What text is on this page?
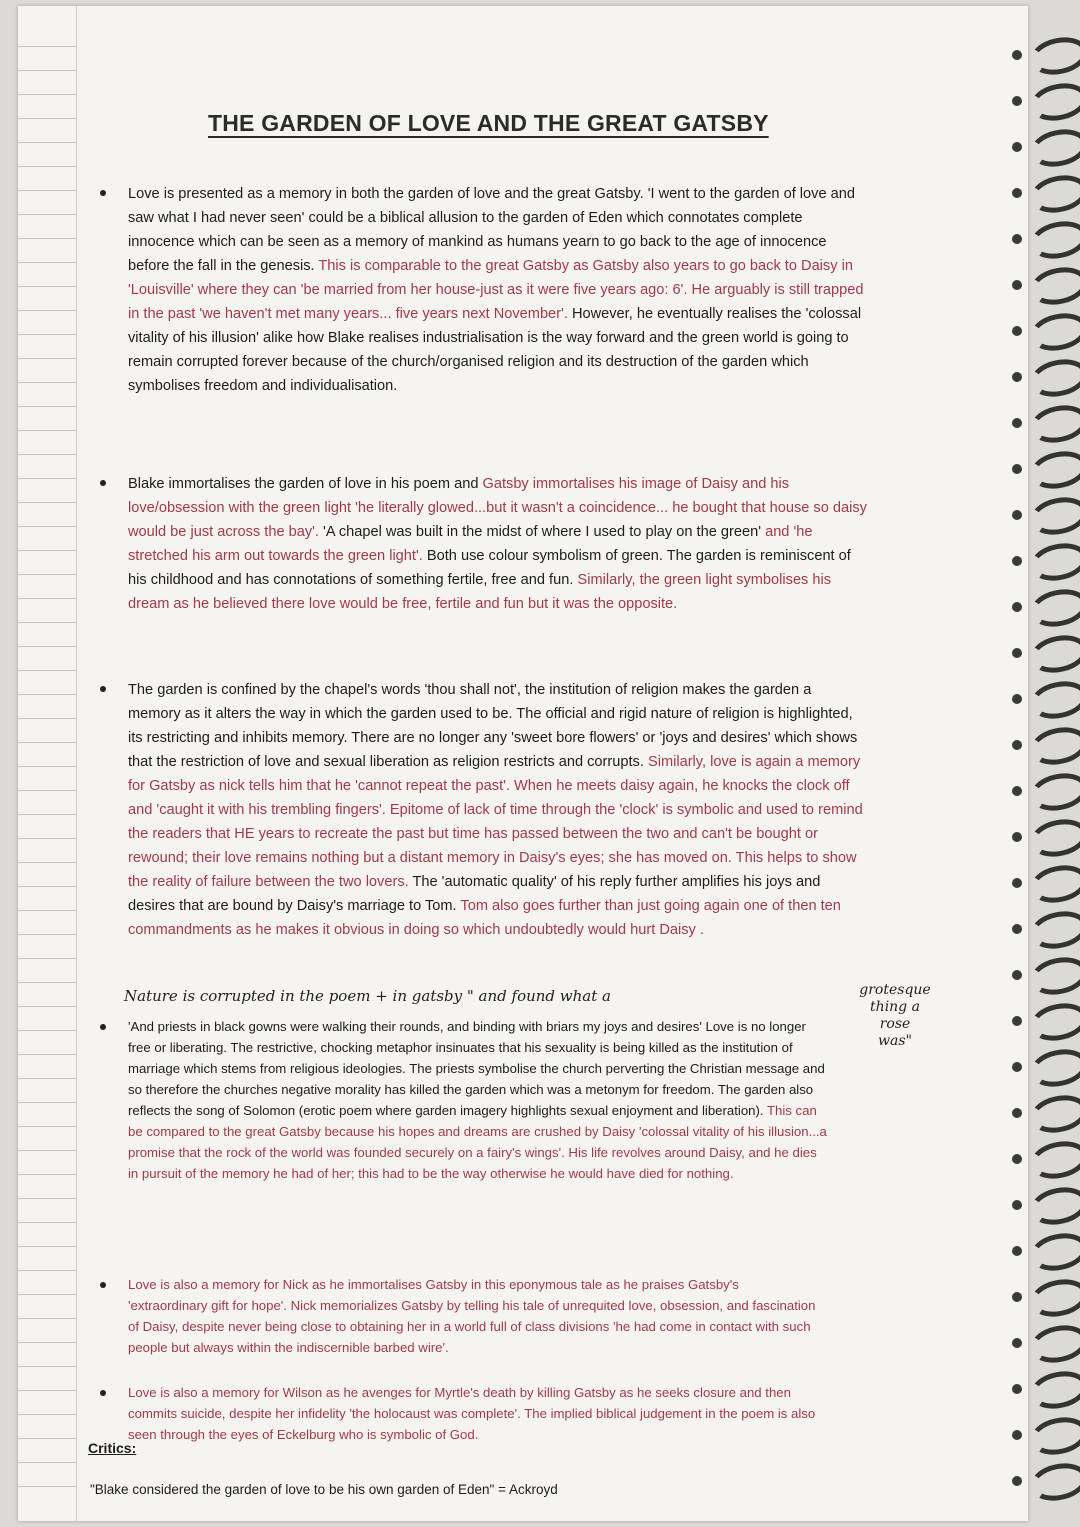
THE GARDEN OF LOVE AND THE GREAT GATSBY
Love is presented as a memory in both the garden of love and the great Gatsby. 'I went to the garden of love and saw what I had never seen' could be a biblical allusion to the garden of Eden which connotates complete innocence which can be seen as a memory of mankind as humans yearn to go back to the age of innocence before the fall in the genesis. This is comparable to the great Gatsby as Gatsby also years to go back to Daisy in 'Louisville' where they can 'be married from her house-just as it were five years ago: 6'. He arguably is still trapped in the past 'we haven't met many years... five years next November'. However, he eventually realises the 'colossal vitality of his illusion' alike how Blake realises industrialisation is the way forward and the green world is going to remain corrupted forever because of the church/organised religion and its destruction of the garden which symbolises freedom and individualisation.
Blake immortalises the garden of love in his poem and Gatsby immortalises his image of Daisy and his love/obsession with the green light 'he literally glowed...but it wasn't a coincidence... he bought that house so daisy would be just across the bay'. 'A chapel was built in the midst of where I used to play on the green' and 'he stretched his arm out towards the green light'. Both use colour symbolism of green. The garden is reminiscent of his childhood and has connotations of something fertile, free and fun. Similarly, the green light symbolises his dream as he believed there love would be free, fertile and fun but it was the opposite.
The garden is confined by the chapel's words 'thou shall not', the institution of religion makes the garden a memory as it alters the way in which the garden used to be. The official and rigid nature of religion is highlighted, its restricting and inhibits memory. There are no longer any 'sweet bore flowers' or 'joys and desires' which shows that the restriction of love and sexual liberation as religion restricts and corrupts. Similarly, love is again a memory for Gatsby as nick tells him that he 'cannot repeat the past'. When he meets daisy again, he knocks the clock off and 'caught it with his trembling fingers'. Epitome of lack of time through the 'clock' is symbolic and used to remind the readers that HE years to recreate the past but time has passed between the two and can't be bought or rewound; their love remains nothing but a distant memory in Daisy's eyes; she has moved on. This helps to show the reality of failure between the two lovers. The 'automatic quality' of his reply further amplifies his joys and desires that are bound by Daisy's marriage to Tom. Tom also goes further than just going again one of then ten commandments as he makes it obvious in doing so which undoubtedly would hurt Daisy .
Nature is corrupted in the poem + in gatsby " and found what a	grotesque
thing a
rose
was"
'And priests in black gowns were walking their rounds, and binding with briars my joys and desires' Love is no longer free or liberating. The restrictive, chocking metaphor insinuates that his sexuality is being killed as the institution of marriage which stems from religious ideologies. The priests symbolise the church perverting the Christian message and so therefore the churches negative morality has killed the garden which was a metonym for freedom. The garden also reflects the song of Solomon (erotic poem where garden imagery highlights sexual enjoyment and liberation). This can be compared to the great Gatsby because his hopes and dreams are crushed by Daisy 'colossal vitality of his illusion...a promise that the rock of the world was founded securely on a fairy's wings'. His life revolves around Daisy, and he dies in pursuit of the memory he had of her; this had to be the way otherwise he would have died for nothing.
Love is also a memory for Nick as he immortalises Gatsby in this eponymous tale as he praises Gatsby's 'extraordinary gift for hope'. Nick memorializes Gatsby by telling his tale of unrequited love, obsession, and fascination of Daisy, despite never being close to obtaining her in a world full of class divisions 'he had come in contact with such people but always within the indiscernible barbed wire'.
Love is also a memory for Wilson as he avenges for Myrtle's death by killing Gatsby as he seeks closure and then commits suicide, despite her infidelity 'the holocaust was complete'. The implied biblical judgement in the poem is also seen through the eyes of Eckelburg who is symbolic of God.
Critics:
"Blake considered the garden of love to be his own garden of Eden" = Ackroyd
